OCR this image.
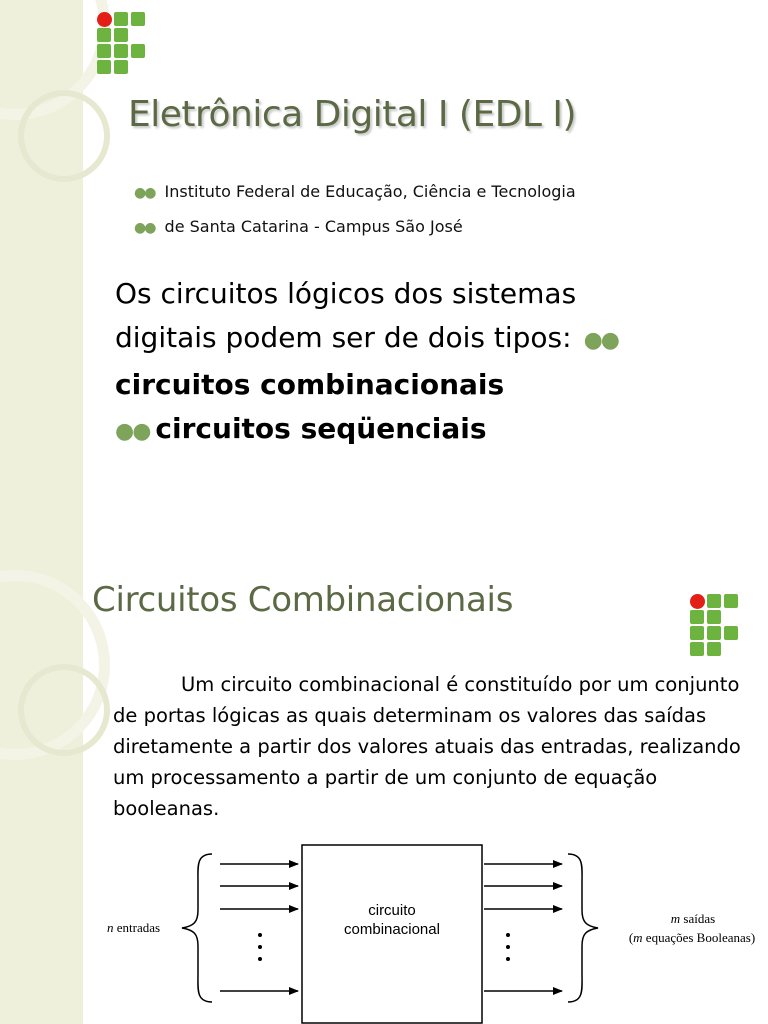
Eletrônica Digital I (EDL I)
●● Instituto Federal de Educação, Ciência e Tecnologia
●● de Santa Catarina - Campus São José
Os circuitos lógicos dos sistemas
digitais podem ser de dois tipos: ●●
circuitos combinacionais
●● circuitos seqüenciais
Circuitos Combinacionais

Um circuito combinacional é constituído por um conjunto de portas lógicas as quais determinam os valores das saídas diretamente a partir dos valores atuais das entradas, realizando um processamento a partir de um conjunto de equação booleanas.

circuito
combinacional
n entradas
m saídas
(m equações Booleanas)
